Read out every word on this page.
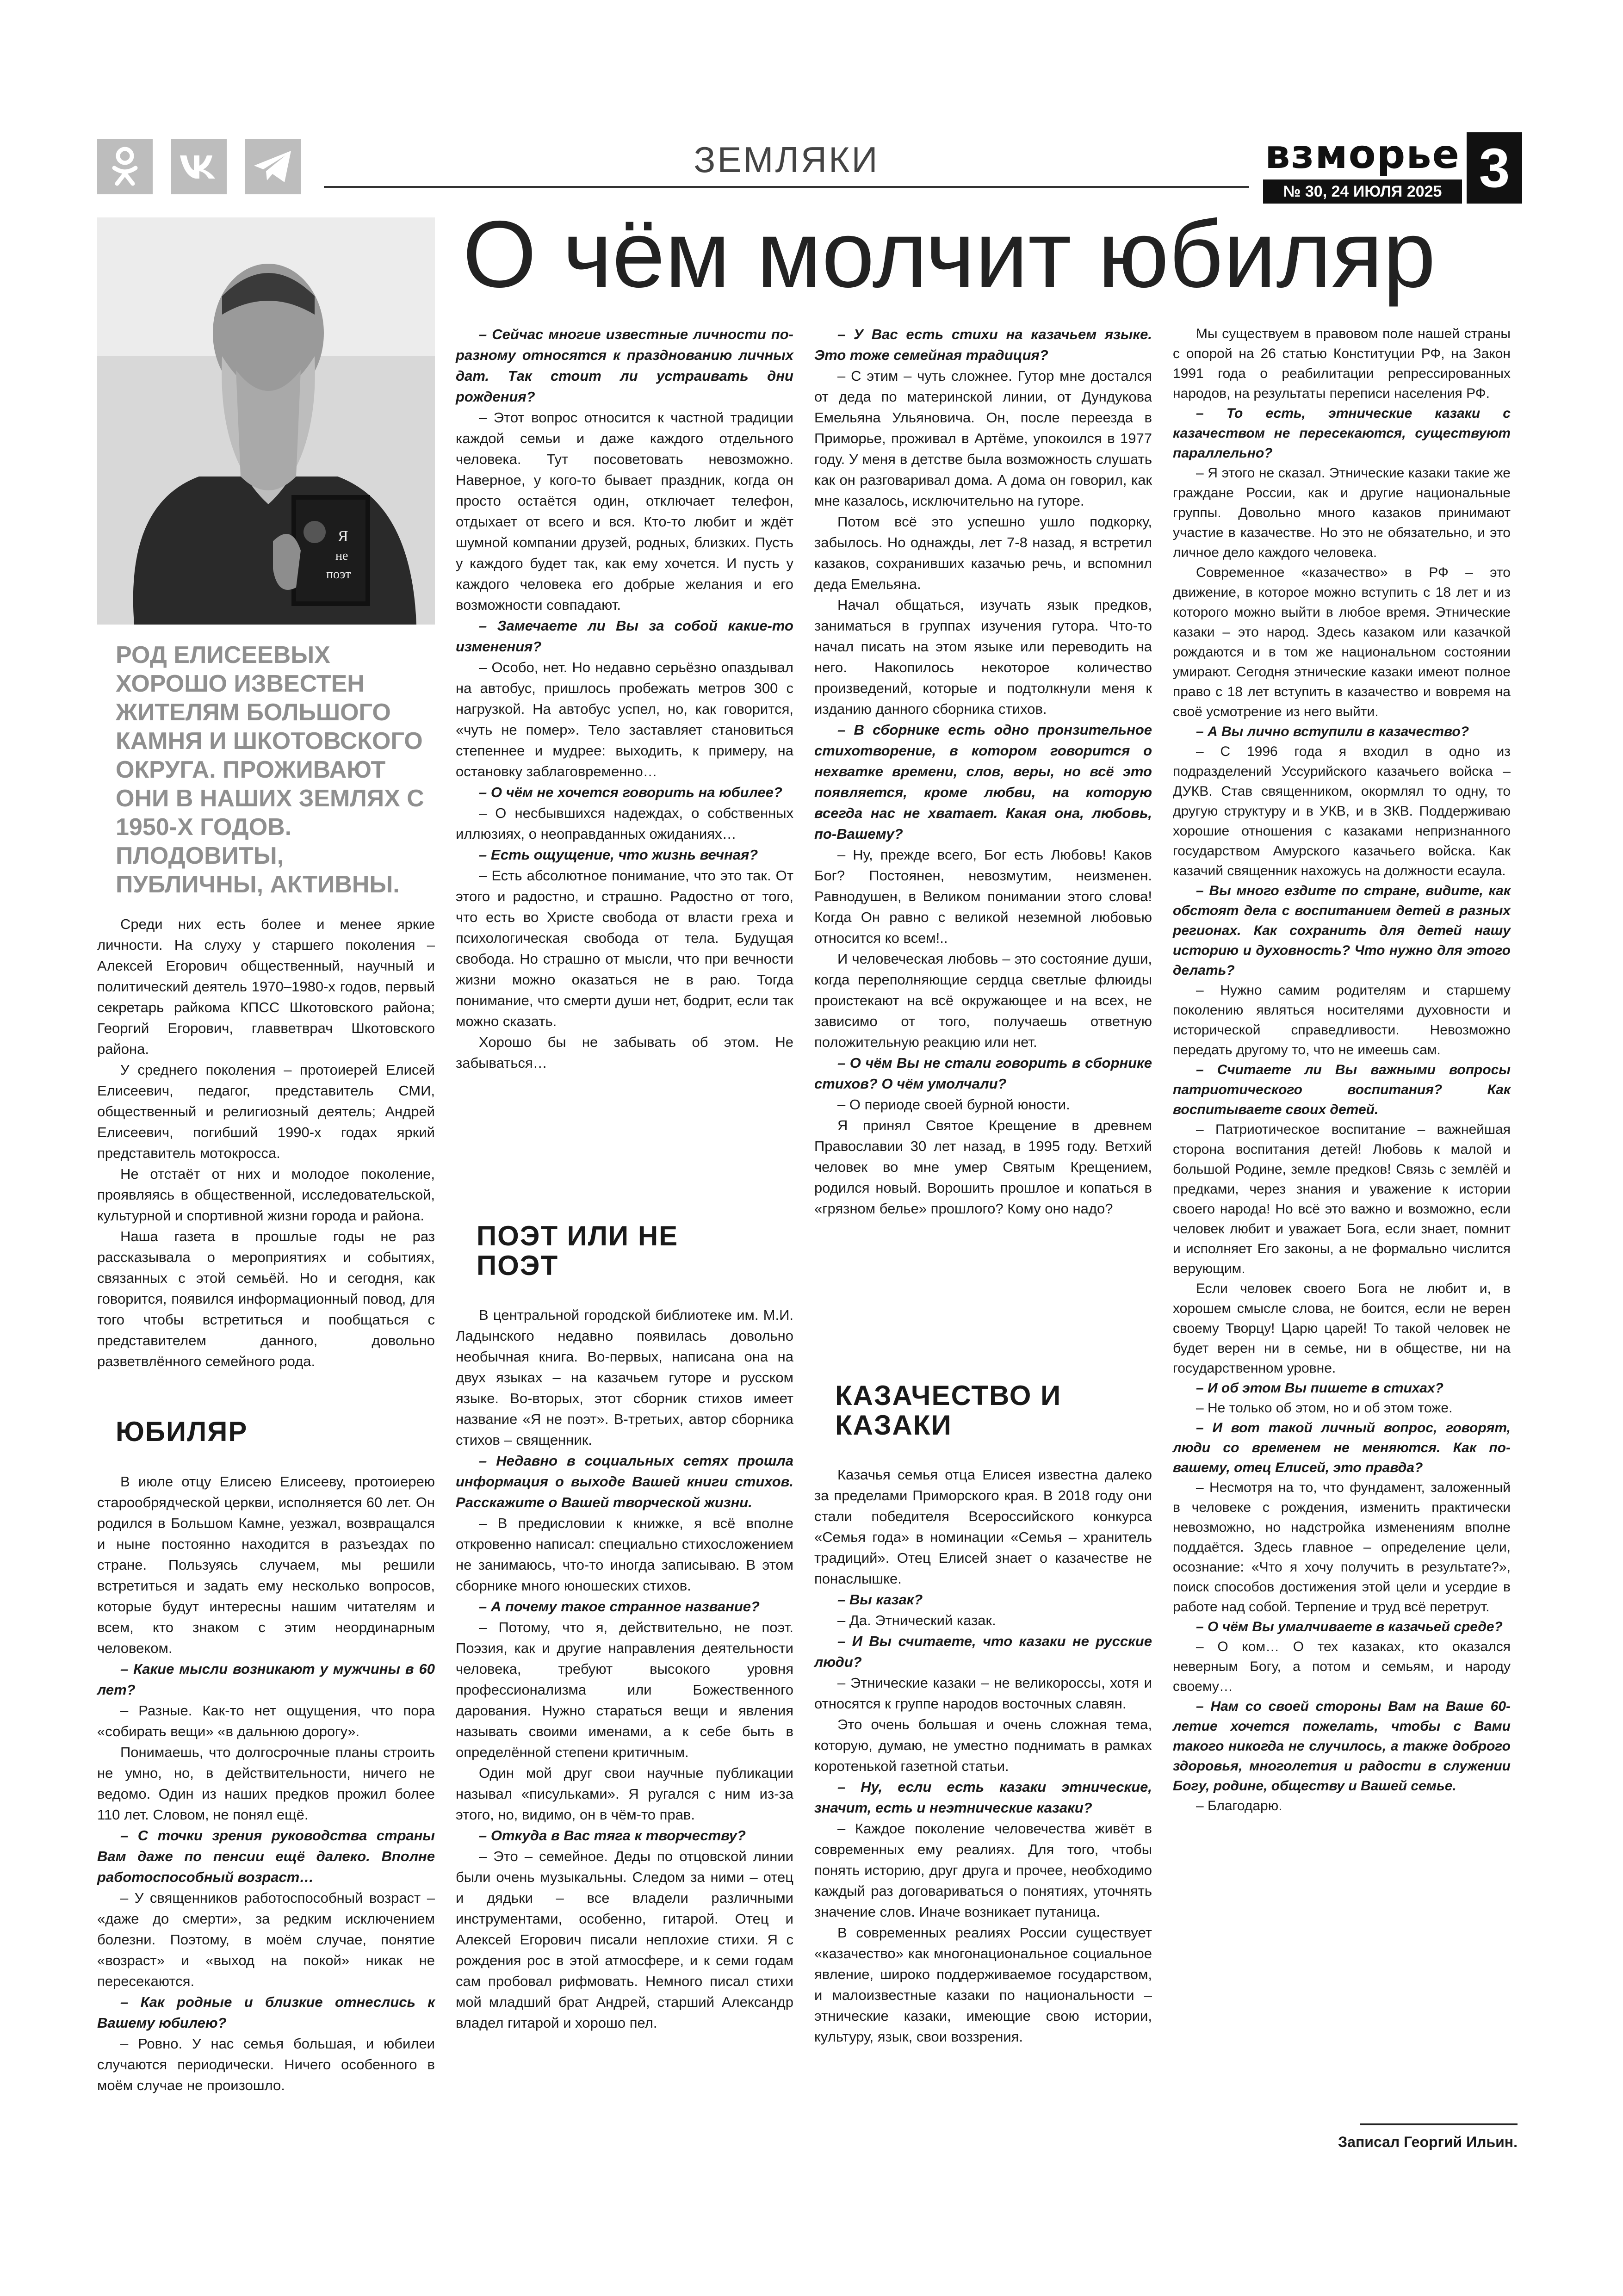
ЗЕМЛЯКИ	взморье
№ 30, 24 ИЮЛЯ 2025 3
О чём молчит юбиляр
Я
не
поэт
РОД ЕЛИСЕЕВЫХ ХОРОШО ИЗВЕСТЕН ЖИТЕЛЯМ БОЛЬШОГО КАМНЯ И ШКОТОВСКОГО ОКРУГА. ПРОЖИВАЮТ ОНИ В НАШИХ ЗЕМЛЯХ С 1950-Х ГОДОВ. ПЛОДОВИТЫ, ПУБЛИЧНЫ, АКТИВНЫ.

Среди них есть более и менее яркие личности. На слуху у старшего поколения – Алексей Егорович общественный, научный и политический деятель 1970–1980-х годов, первый секретарь райкома КПСС Шкотовского района; Георгий Егорович, главветврач Шкотовского района.

У среднего поколения – протоиерей Елисей Елисеевич, педагог, представитель СМИ, общественный и религиозный деятель; Андрей Елисеевич, погибший 1990-х годах яркий представитель мотокросса.

Не отстаёт от них и молодое поколение, проявляясь в общественной, исследовательской, культурной и спортивной жизни города и района.

Наша газета в прошлые годы не раз рассказывала о мероприятиях и событиях, связанных с этой семьёй. Но и сегодня, как говорится, появился информационный повод, для того чтобы встретиться и пообщаться с представителем данного, довольно разветвлённого семейного рода.

ЮБИЛЯР

В июле отцу Елисею Елисееву, протоиерею старообрядческой церкви, исполняется 60 лет. Он родился в Большом Камне, уезжал, возвращался и ныне постоянно находится в разъездах по стране. Пользуясь случаем, мы решили встретиться и задать ему несколько вопросов, которые будут интересны нашим читателям и всем, кто знаком с этим неординарным человеком.

– Какие мысли возникают у мужчины в 60 лет?

– Разные. Как-то нет ощущения, что пора «собирать вещи» «в дальнюю дорогу».

Понимаешь, что долгосрочные планы строить не умно, но, в действительности, ничего не ведомо. Один из наших предков прожил более 110 лет. Словом, не понял ещё.

– С точки зрения руководства страны Вам даже по пенсии ещё далеко. Вполне работоспособный возраст…

– У священников работоспособный возраст – «даже до смерти», за редким исключением болезни. Поэтому, в моём случае, понятие «возраст» и «выход на покой» никак не пересекаются.

– Как родные и близкие отнеслись к Вашему юбилею?

– Ровно. У нас семья большая, и юбилеи случаются периодически. Ничего особенного в моём случае не произошло.

– Сейчас многие известные личности по-разному относятся к празднованию личных дат. Так стоит ли устраивать дни рождения?

– Этот вопрос относится к частной традиции каждой семьи и даже каждого отдельного человека. Тут посоветовать невозможно. Наверное, у кого-то бывает праздник, когда он просто остаётся один, отключает телефон, отдыхает от всего и вся. Кто-то любит и ждёт шумной компании друзей, родных, близких. Пусть у каждого будет так, как ему хочется. И пусть у каждого человека его добрые желания и его возможности совпадают.

– Замечаете ли Вы за собой какие-то изменения?

– Особо, нет. Но недавно серьёзно опаздывал на автобус, пришлось пробежать метров 300 с нагрузкой. На автобус успел, но, как говорится, «чуть не помер». Тело заставляет становиться степеннее и мудрее: выходить, к примеру, на остановку заблаговременно…

– О чём не хочется говорить на юбилее?

– О несбывшихся надеждах, о собственных иллюзиях, о неоправданных ожиданиях…

– Есть ощущение, что жизнь вечная?

– Есть абсолютное понимание, что это так. От этого и радостно, и страшно. Радостно от того, что есть во Христе свобода от власти греха и психологическая свобода от тела. Будущая свобода. Но страшно от мысли, что при вечности жизни можно оказаться не в раю. Тогда понимание, что смерти души нет, бодрит, если так можно сказать.

Хорошо бы не забывать об этом. Не забываться…

ПОЭТ ИЛИ НЕ ПОЭТ

В центральной городской библиотеке им. М.И. Ладынского недавно появилась довольно необычная книга. Во-первых, написана она на двух языках – на казачьем гуторе и русском языке. Во-вторых, этот сборник стихов имеет название «Я не поэт». В-третьих, автор сборника стихов – священник.

– Недавно в социальных сетях прошла информация о выходе Вашей книги стихов. Расскажите о Вашей творческой жизни.

– В предисловии к книжке, я всё вполне откровенно написал: специально стихосложением не занимаюсь, что-то иногда записываю. В этом сборнике много юношеских стихов.

– А почему такое странное название?

– Потому, что я, действительно, не поэт. Поэзия, как и другие направления деятельности человека, требуют высокого уровня профессионализма или Божественного дарования. Нужно стараться вещи и явления называть своими именами, а к себе быть в определённой степени критичным.

Один мой друг свои научные публикации называл «писульками». Я ругался с ним из-за этого, но, видимо, он в чём-то прав.

– Откуда в Вас тяга к творчеству?

– Это – семейное. Деды по отцовской линии были очень музыкальны. Следом за ними – отец и дядьки – все владели различными инструментами, особенно, гитарой. Отец и Алексей Егорович писали неплохие стихи. Я с рождения рос в этой атмосфере, и к семи годам сам пробовал рифмовать. Немного писал стихи мой младший брат Андрей, старший Александр владел гитарой и хорошо пел.

– У Вас есть стихи на казачьем языке. Это тоже семейная традиция?

– С этим – чуть сложнее. Гутор мне достался от деда по материнской линии, от Дундукова Емельяна Ульяновича. Он, после переезда в Приморье, проживал в Артёме, упокоился в 1977 году. У меня в детстве была возможность слушать как он разговаривал дома. А дома он говорил, как мне казалось, исключительно на гуторе.

Потом всё это успешно ушло подкорку, забылось. Но однажды, лет 7-8 назад, я встретил казаков, сохранивших казачью речь, и вспомнил деда Емельяна.

Начал общаться, изучать язык предков, заниматься в группах изучения гутора. Что-то начал писать на этом языке или переводить на него. Накопилось некоторое количество произведений, которые и подтолкнули меня к изданию данного сборника стихов.

– В сборнике есть одно пронзительное стихотворение, в котором говорится о нехватке времени, слов, веры, но всё это появляется, кроме любви, на которую всегда нас не хватает. Какая она, любовь, по-Вашему?

– Ну, прежде всего, Бог есть Любовь! Каков Бог? Постоянен, невозмутим, неизменен. Равнодушен, в Великом понимании этого слова! Когда Он равно с великой неземной любовью относится ко всем!..

И человеческая любовь – это состояние души, когда переполняющие сердца светлые флюиды проистекают на всё окружающее и на всех, не зависимо от того, получаешь ответную положительную реакцию или нет.

– О чём Вы не стали говорить в сборнике стихов? О чём умолчали?

– О периоде своей бурной юности.

Я принял Святое Крещение в древнем Православии 30 лет назад, в 1995 году. Ветхий человек во мне умер Святым Крещением, родился новый. Ворошить прошлое и копаться в «грязном белье» прошлого? Кому оно надо?

КАЗАЧЕСТВО И КАЗАКИ

Казачья семья отца Елисея известна далеко за пределами Приморского края. В 2018 году они стали победителя Всероссийского конкурса «Семья года» в номинации «Семья – хранитель традиций». Отец Елисей знает о казачестве не понаслышке.

– Вы казак?

– Да. Этнический казак.

– И Вы считаете, что казаки не русские люди?

– Этнические казаки – не великороссы, хотя и относятся к группе народов восточных славян.

Это очень большая и очень сложная тема, которую, думаю, не уместно поднимать в рамках коротенькой газетной статьи.

– Ну, если есть казаки этнические, значит, есть и неэтнические казаки?

– Каждое поколение человечества живёт в современных ему реалиях. Для того, чтобы понять историю, друг друга и прочее, необходимо каждый раз договариваться о понятиях, уточнять значение слов. Иначе возникает путаница.

В современных реалиях России существует «казачество» как многонациональное социальное явление, широко поддерживаемое государством, и малоизвестные казаки по национальности – этнические казаки, имеющие свою истории, культуру, язык, свои воззрения.

Мы существуем в правовом поле нашей страны с опорой на 26 статью Конституции РФ, на Закон 1991 года о реабилитации репрессированных народов, на результаты переписи населения РФ.

– То есть, этнические казаки с казачеством не пересекаются, существуют параллельно?

– Я этого не сказал. Этнические казаки такие же граждане России, как и другие национальные группы. Довольно много казаков принимают участие в казачестве. Но это не обязательно, и это личное дело каждого человека.

Современное «казачество» в РФ – это движение, в которое можно вступить с 18 лет и из которого можно выйти в любое время. Этнические казаки – это народ. Здесь казаком или казачкой рождаются и в том же национальном состоянии умирают. Сегодня этнические казаки имеют полное право с 18 лет вступить в казачество и вовремя на своё усмотрение из него выйти.

– А Вы лично вступили в казачество?

– С 1996 года я входил в одно из подразделений Уссурийского казачьего войска – ДУКВ. Став священником, окормлял то одну, то другую структуру и в УКВ, и в ЗКВ. Поддерживаю хорошие отношения с казаками непризнанного государством Амурского казачьего войска. Как казачий священник нахожусь на должности есаула.

– Вы много ездите по стране, видите, как обстоят дела с воспитанием детей в разных регионах. Как сохранить для детей нашу историю и духовность? Что нужно для этого делать?

– Нужно самим родителям и старшему поколению являться носителями духовности и исторической справедливости. Невозможно передать другому то, что не имеешь сам.

– Считаете ли Вы важными вопросы патриотического воспитания? Как воспитываете своих детей.

– Патриотическое воспитание – важнейшая сторона воспитания детей! Любовь к малой и большой Родине, земле предков! Связь с землёй и предками, через знания и уважение к истории своего народа! Но всё это важно и возможно, если человек любит и уважает Бога, если знает, помнит и исполняет Его законы, а не формально числится верующим.

Если человек своего Бога не любит и, в хорошем смысле слова, не боится, если не верен своему Творцу! Царю царей! То такой человек не будет верен ни в семье, ни в обществе, ни на государственном уровне.

– И об этом Вы пишете в стихах?

– Не только об этом, но и об этом тоже.

– И вот такой личный вопрос, говорят, люди со временем не меняются. Как по-вашему, отец Елисей, это правда?

– Несмотря на то, что фундамент, заложенный в человеке с рождения, изменить практически невозможно, но надстройка изменениям вполне поддаётся. Здесь главное – определение цели, осознание: «Что я хочу получить в результате?», поиск способов достижения этой цели и усердие в работе над собой. Терпение и труд всё перетрут.

– О чём Вы умалчиваете в казачьей среде?

– О ком… О тех казаках, кто оказался неверным Богу, а потом и семьям, и народу своему…

– Нам со своей стороны Вам на Ваше 60-летие хочется пожелать, чтобы с Вами такого никогда не случилось, а также доброго здоровья, многолетия и радости в служении Богу, родине, обществу и Вашей семье.

– Благодарю.

Записал Георгий Ильин.
